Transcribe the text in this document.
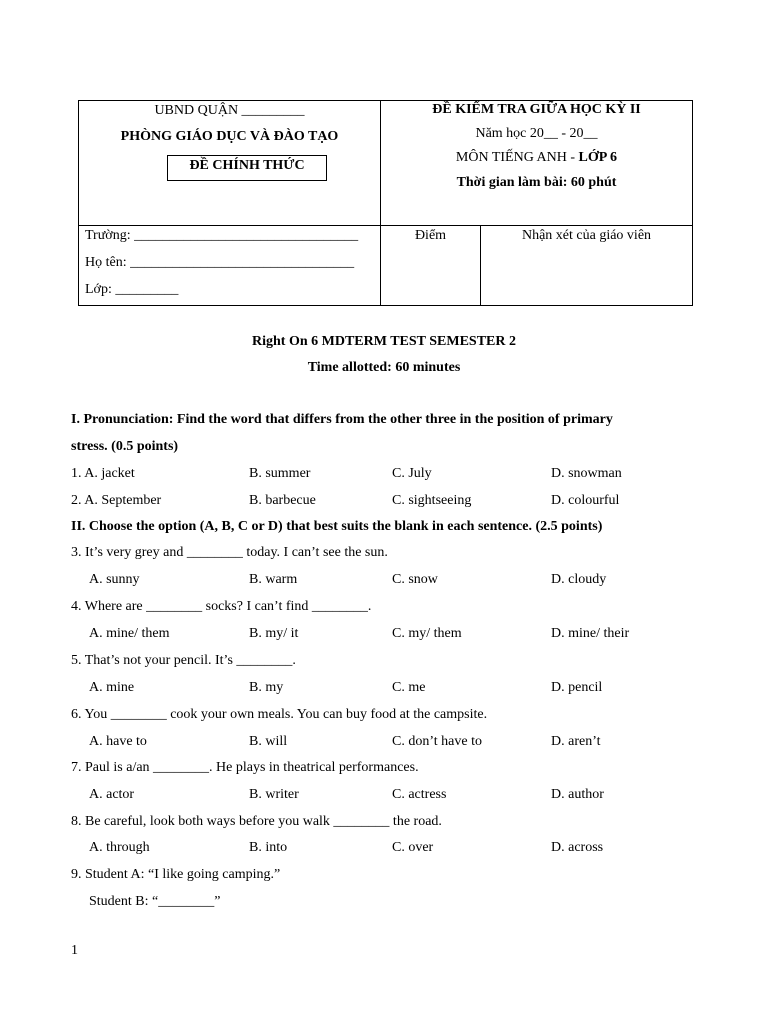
UBND QUẬN _________
PHÒNG GIÁO DỤC VÀ ĐÀO TẠO
ĐỀ CHÍNH THỨC
ĐỀ KIỂM TRA GIỮA HỌC KỲ II
Năm học 20__ - 20__
MÔN TIẾNG ANH - LỚP 6
Thời gian làm bài: 60 phút
Trường: ________________________________
Họ tên: ________________________________
Lớp: _________
Điểm	Nhận xét của giáo viên
Right On 6 MDTERM TEST SEMESTER 2
Time allotted: 60 minutes
I. Pronunciation: Find the word that differs from the other three in the position of primary
stress. (0.5 points)
1. A. jacket	B. summer	C. July	D. snowman
2. A. September	B. barbecue	C. sightseeing	D. colourful
II. Choose the option (A, B, C or D) that best suits the blank in each sentence. (2.5 points)
3. It’s very grey and ________ today. I can’t see the sun.
A. sunny	B. warm	C. snow	D. cloudy
4. Where are ________ socks? I can’t find ________.
A. mine/ them	B. my/ it	C. my/ them	D. mine/ their
5. That’s not your pencil. It’s ________.
A. mine	B. my	C. me	D. pencil
6. You ________ cook your own meals. You can buy food at the campsite.
A. have to	B. will	C. don’t have to	D. aren’t
7. Paul is a/an ________. He plays in theatrical performances.
A. actor	B. writer	C. actress	D. author
8. Be careful, look both ways before you walk ________ the road.
A. through	B. into	C. over	D. across
9. Student A: “I like going camping.”
Student B: “________”
1
